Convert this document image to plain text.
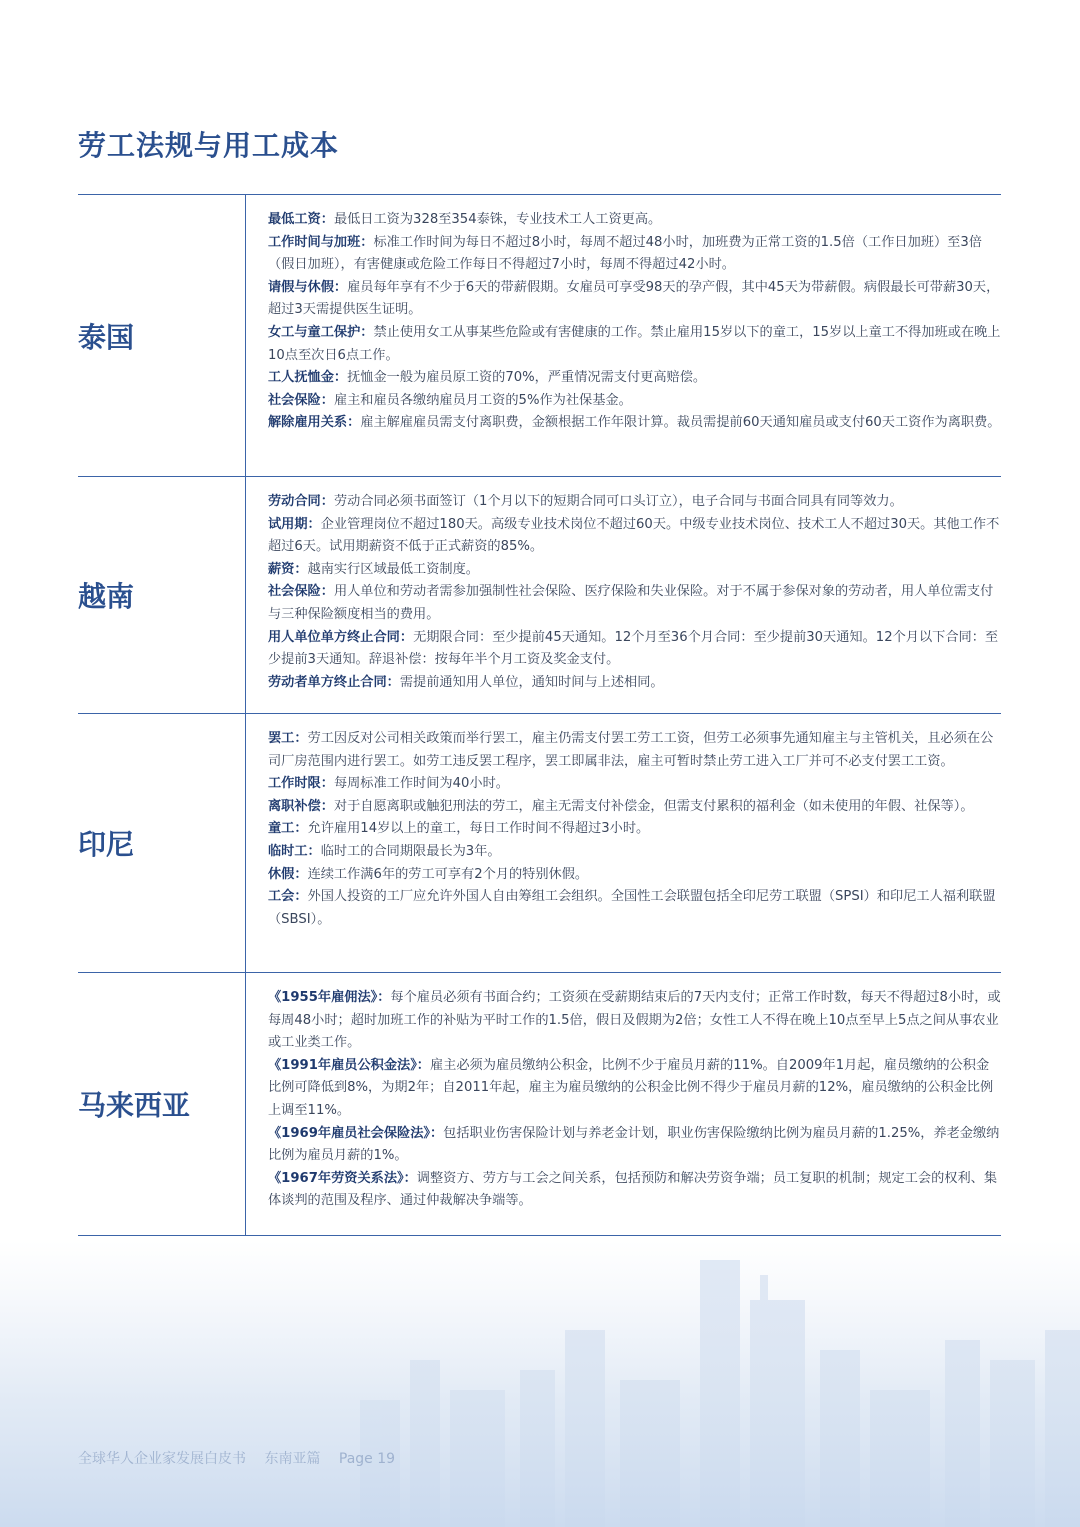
劳工法规与用工成本
泰国

最低工资：最低日工资为328至354泰铢，专业技术工人工资更高。

工作时间与加班：标准工作时间为每日不超过8小时，每周不超过48小时，加班费为正常工资的1.5倍（工作日加班）至3倍（假日加班），有害健康或危险工作每日不得超过7小时，每周不得超过42小时。

请假与休假：雇员每年享有不少于6天的带薪假期。女雇员可享受98天的孕产假，其中45天为带薪假。病假最长可带薪30天，超过3天需提供医生证明。

女工与童工保护：禁止使用女工从事某些危险或有害健康的工作。禁止雇用15岁以下的童工，15岁以上童工不得加班或在晚上10点至次日6点工作。

工人抚恤金：抚恤金一般为雇员原工资的70%，严重情况需支付更高赔偿。

社会保险：雇主和雇员各缴纳雇员月工资的5%作为社保基金。

解除雇用关系：雇主解雇雇员需支付离职费，金额根据工作年限计算。裁员需提前60天通知雇员或支付60天工资作为离职费。

越南

劳动合同：劳动合同必须书面签订（1个月以下的短期合同可口头订立），电子合同与书面合同具有同等效力。

试用期：企业管理岗位不超过180天。高级专业技术岗位不超过60天。中级专业技术岗位、技术工人不超过30天。其他工作不超过6天。试用期薪资不低于正式薪资的85%。

薪资：越南实行区域最低工资制度。

社会保险：用人单位和劳动者需参加强制性社会保险、医疗保险和失业保险。对于不属于参保对象的劳动者，用人单位需支付与三种保险额度相当的费用。

用人单位单方终止合同：无期限合同：至少提前45天通知。12个月至36个月合同：至少提前30天通知。12个月以下合同：至少提前3天通知。辞退补偿：按每年半个月工资及奖金支付。

劳动者单方终止合同：需提前通知用人单位，通知时间与上述相同。

印尼

罢工：劳工因反对公司相关政策而举行罢工，雇主仍需支付罢工劳工工资，但劳工必须事先通知雇主与主管机关，且必须在公司厂房范围内进行罢工。如劳工违反罢工程序，罢工即属非法，雇主可暂时禁止劳工进入工厂并可不必支付罢工工资。

工作时限：每周标准工作时间为40小时。

离职补偿：对于自愿离职或触犯刑法的劳工，雇主无需支付补偿金，但需支付累积的福利金（如未使用的年假、社保等）。

童工：允许雇用14岁以上的童工，每日工作时间不得超过3小时。

临时工：临时工的合同期限最长为3年。

休假：连续工作满6年的劳工可享有2个月的特别休假。

工会：外国人投资的工厂应允许外国人自由筹组工会组织。全国性工会联盟包括全印尼劳工联盟（SPSI）和印尼工人福利联盟（SBSI）。

马来西亚

《1955年雇佣法》：每个雇员必须有书面合约；工资须在受薪期结束后的7天内支付；正常工作时数，每天不得超过8小时，或每周48小时；超时加班工作的补贴为平时工作的1.5倍，假日及假期为2倍；女性工人不得在晚上10点至早上5点之间从事农业或工业类工作。

《1991年雇员公积金法》：雇主必须为雇员缴纳公积金，比例不少于雇员月薪的11%。自2009年1月起，雇员缴纳的公积金比例可降低到8%，为期2年；自2011年起，雇主为雇员缴纳的公积金比例不得少于雇员月薪的12%，雇员缴纳的公积金比例上调至11%。

《1969年雇员社会保险法》：包括职业伤害保险计划与养老金计划，职业伤害保险缴纳比例为雇员月薪的1.25%，养老金缴纳比例为雇员月薪的1%。

《1967年劳资关系法》：调整资方、劳方与工会之间关系，包括预防和解决劳资争端；员工复职的机制；规定工会的权利、集体谈判的范围及程序、通过仲裁解决争端等。

全球华人企业家发展白皮书 东南亚篇 Page 19
